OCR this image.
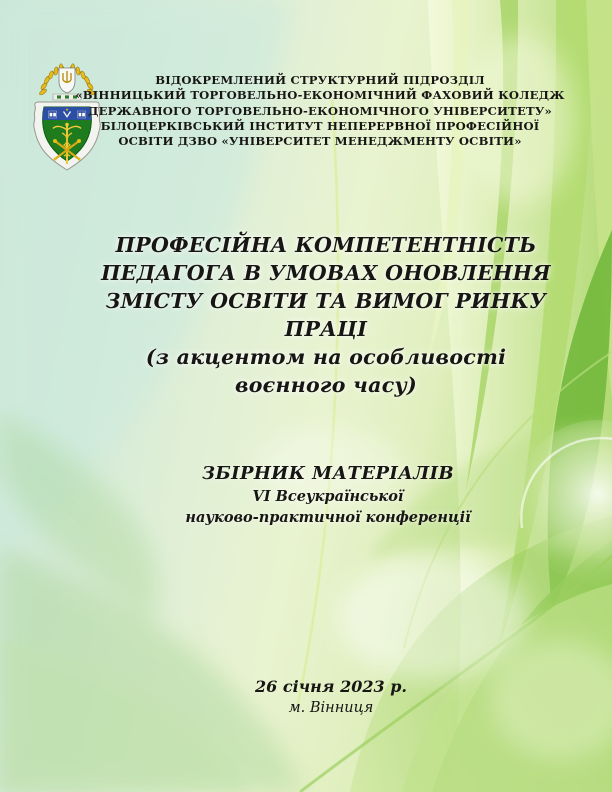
ВІДОКРЕМЛЕНИЙ СТРУКТУРНИЙ ПІДРОЗДІЛ
«ВІННИЦЬКИЙ ТОРГОВЕЛЬНО-ЕКОНОМІЧНИЙ ФАХОВИЙ КОЛЕДЖ
ДЕРЖАВНОГО ТОРГОВЕЛЬНО-ЕКОНОМІЧНОГО УНІВЕРСИТЕТУ»
БІЛОЦЕРКІВСЬКИЙ ІНСТИТУТ НЕПЕРЕРВНОЇ ПРОФЕСІЙНОЇ
ОСВІТИ ДЗВО «УНІВЕРСИТЕТ МЕНЕДЖМЕНТУ ОСВІТИ»
ПРОФЕСІЙНА КОМПЕТЕНТНІСТЬ
ПЕДАГОГА В УМОВАХ ОНОВЛЕННЯ
ЗМІСТУ ОСВІТИ ТА ВИМОГ РИНКУ
ПРАЦІ
(з акцентом на особливості
воєнного часу)
ЗБІРНИК МАТЕРІАЛІВ
VI Всеукраїнської
науково-практичної конференції
26 січня 2023 р.
м. Вінниця
